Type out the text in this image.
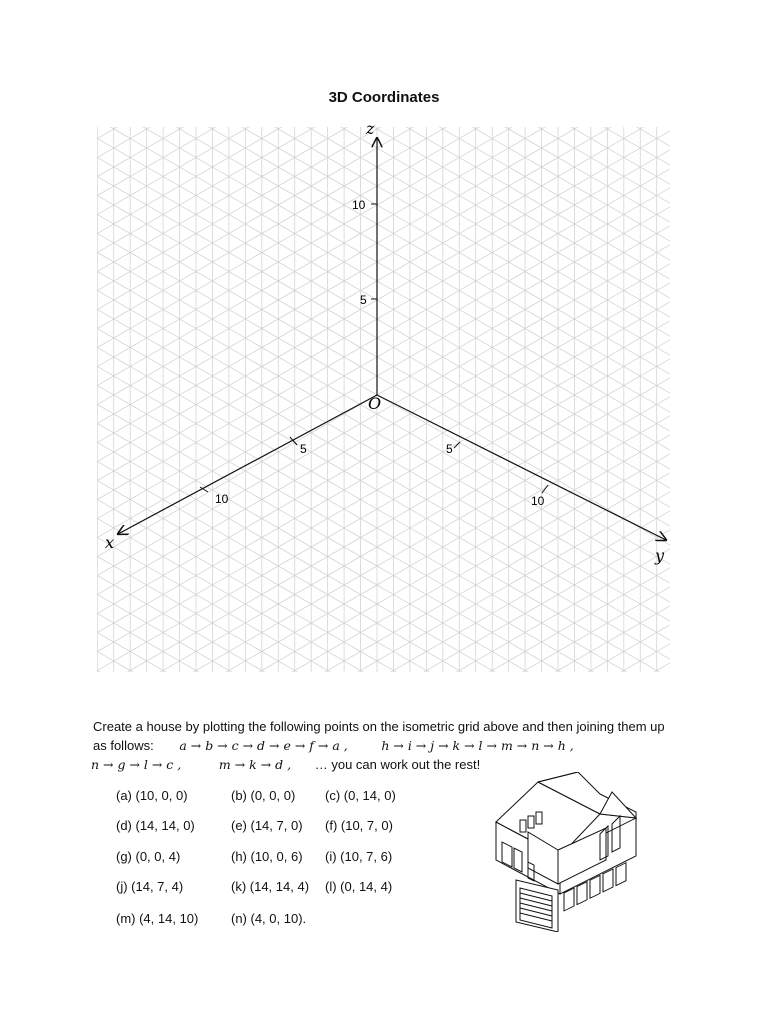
3D Coordinates
z
x
y
O
10
5
5
10
5
10
Create a house by plotting the following points on the isometric grid above and then joining them up
as follows: a → b → c → d → e → f → a ,	h → i → j → k → l → m → n → h ,
n → g → l → c ,	m → k → d , … you can work out the rest!
(a) (10, 0, 0)	(b) (0, 0, 0) (c) (0, 14, 0)
(d) (14, 14, 0)	(e) (14, 7, 0) (f) (10, 7, 0)
(g) (0, 0, 4)	(h) (10, 0, 6) (i) (10, 7, 6)
(j) (14, 7, 4)	(k) (14, 14, 4) (l) (0, 14, 4)
(m) (4, 14, 10)	(n) (4, 0, 10).
